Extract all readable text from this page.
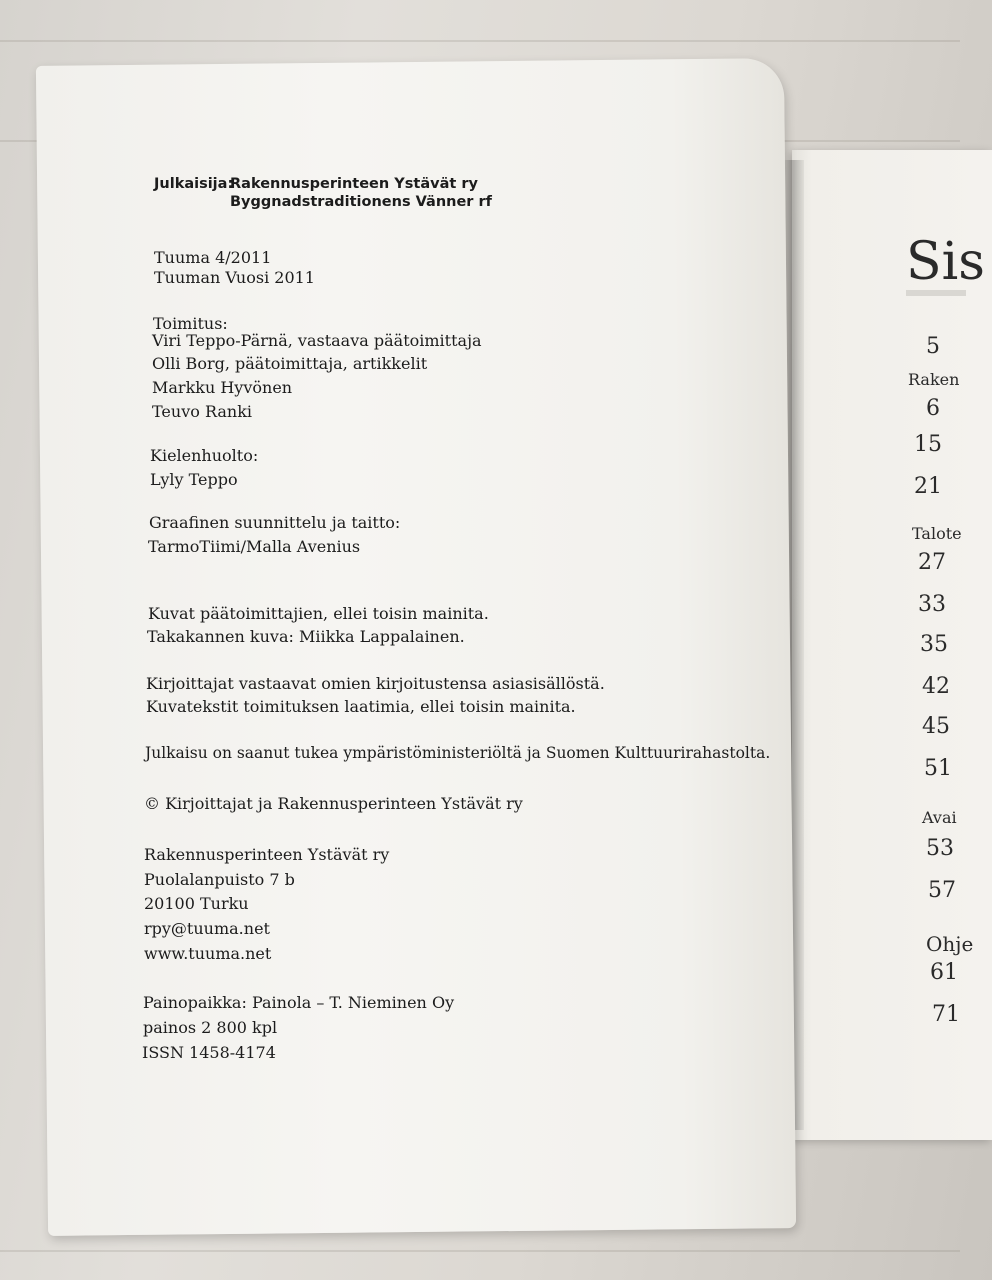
Sis
5
Raken
6
15
21
Talote
27
33
35
42
45
51
Avai
53
57
Ohje
61
71
Julkaisija:
Rakennusperinteen Ystävät ry
Byggnadstraditionens Vänner rf
Tuuma 4/2011
Tuuman Vuosi 2011
Toimitus:
Viri Teppo-Pärnä, vastaava päätoimittaja
Olli Borg, päätoimittaja, artikkelit
Markku Hyvönen
Teuvo Ranki
Kielenhuolto:
Lyly Teppo
Graafinen suunnittelu ja taitto:
TarmoTiimi/Malla Avenius
Kuvat päätoimittajien, ellei toisin mainita.
Takakannen kuva: Miikka Lappalainen.
Kirjoittajat vastaavat omien kirjoitustensa asiasisällöstä.
Kuvatekstit toimituksen laatimia, ellei toisin mainita.
Julkaisu on saanut tukea ympäristöministeriöltä ja Suomen Kulttuurirahastolta.
© Kirjoittajat ja Rakennusperinteen Ystävät ry
Rakennusperinteen Ystävät ry
Puolalanpuisto 7 b
20100 Turku
rpy@tuuma.net
www.tuuma.net
Painopaikka: Painola – T. Nieminen Oy
painos 2 800 kpl
ISSN 1458-4174
